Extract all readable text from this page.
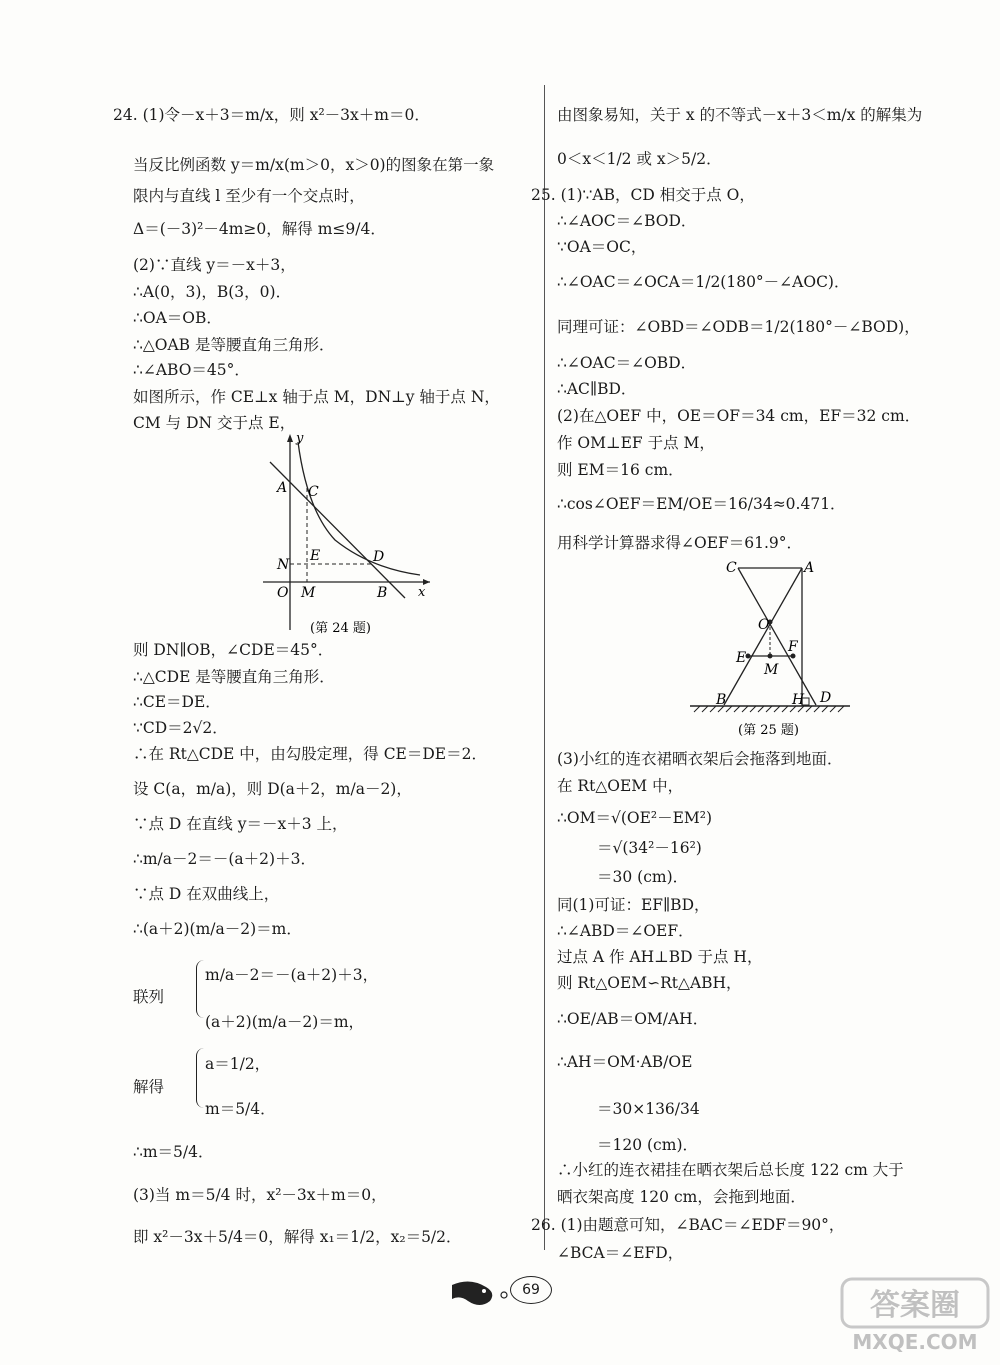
24. (1)令－x＋3＝m/x，则 x²－3x＋m＝0．
当反比例函数 y＝m/x(m＞0，x＞0)的图象在第一象
限内与直线 l 至少有一个交点时，
Δ＝(－3)²－4m≥0，解得 m≤9/4．
(2)∵直线 y＝－x＋3，
∴A(0，3)，B(3，0)．
∴OA＝OB．
∴△OAB 是等腰直角三角形．
∴∠ABO＝45°．
如图所示，作 CE⊥x 轴于点 M，DN⊥y 轴于点 N，
CM 与 DN 交于点 E，
则 DN∥OB，∠CDE＝45°．
∴△CDE 是等腰直角三角形．
∴CE＝DE．
∵CD＝2√2．
∴在 Rt△CDE 中，由勾股定理，得 CE＝DE＝2．
设 C(a，m/a)，则 D(a＋2，m/a－2)，
∵点 D 在直线 y＝－x＋3 上，
∴m/a－2＝－(a＋2)＋3．
∵点 D 在双曲线上，
∴(a＋2)(m/a－2)＝m．
联列
m/a－2＝－(a＋2)＋3，
(a＋2)(m/a－2)＝m，
解得
a＝1/2，
m＝5/4．
∴m＝5/4．
(3)当 m＝5/4 时，x²－3x＋m＝0，
即 x²－3x＋5/4＝0，解得 x₁＝1/2，x₂＝5/2．
由图象易知，关于 x 的不等式－x＋3＜m/x 的解集为
0＜x＜1/2 或 x＞5/2．
25. (1)∵AB，CD 相交于点 O，
∴∠AOC＝∠BOD．
∵OA＝OC，
∴∠OAC＝∠OCA＝1/2(180°－∠AOC)．
同理可证：∠OBD＝∠ODB＝1/2(180°－∠BOD)，
∴∠OAC＝∠OBD．
∴AC∥BD．
(2)在△OEF 中，OE＝OF＝34 cm，EF＝32 cm．
作 OM⊥EF 于点 M，
则 EM＝16 cm．
∴cos∠OEF＝EM/OE＝16/34≈0.471．
用科学计算器求得∠OEF＝61.9°．
(3)小红的连衣裙晒衣架后会拖落到地面．
在 Rt△OEM 中，
∴OM＝√(OE²－EM²)
＝√(34²－16²)
＝30 (cm)．
同(1)可证：EF∥BD，
∴∠ABD＝∠OEF．
过点 A 作 AH⊥BD 于点 H，
则 Rt△OEM∽Rt△ABH，
∴OE/AB＝OM/AH．
∴AH＝OM·AB/OE
＝30×136/34
＝120 (cm)．
∴小红的连衣裙挂在晒衣架后总长度 122 cm 大于
晒衣架高度 120 cm，会拖到地面．
26. (1)由题意可知，∠BAC＝∠EDF＝90°，
∠BCA＝∠EFD，
y
A C
E	D
N
O M	B x
(第 24 题)
C	A
O
F
E
M
B	H D
(第 25 题)
69	答案圈
MXQE.COM
